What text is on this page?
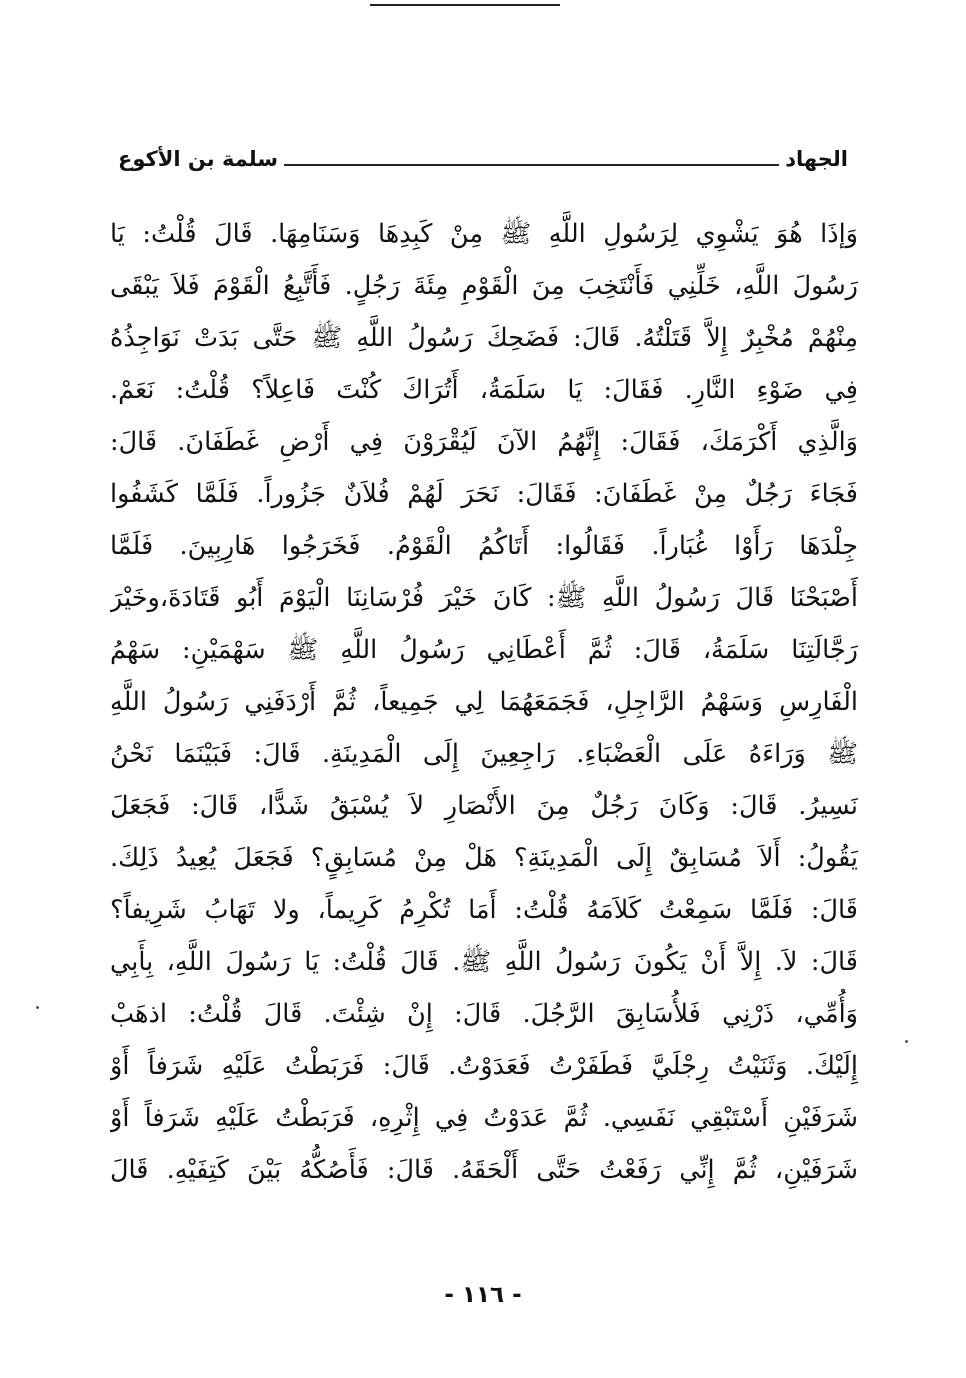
الجهاد
سلمة بن الأكوع
وَإذَا هُوَ يَشْوِي لِرَسُولِ اللَّهِ ﷺ مِنْ كَبِدِهَا وَسَنَامِهَا. قَالَ قُلْتُ: يَا
رَسُولَ اللَّهِ، خَلِّنِي فَأَنْتَخِبَ مِنَ الْقَوْمِ مِئَةَ رَجُلٍ. فَأَتَّبِعُ الْقَوْمَ فَلاَ يَبْقَى
مِنْهُمْ مُخْبِرٌ إِلاَّ قَتَلْتُهُ. قَالَ: فَضَحِكَ رَسُولُ اللَّهِ ﷺ حَتَّى بَدَتْ نَوَاجِذُهُ
فِي ضَوْءِ النَّارِ. فَقَالَ: يَا سَلَمَةُ، أَتُرَاكَ كُنْتَ فَاعِلاً؟ قُلْتُ: نَعَمْ.
وَالَّذِي أَكْرَمَكَ، فَقَالَ: إِنَّهُمُ الآنَ لَيُقْرَوْنَ فِي أَرْضِ غَطَفَانَ. قَالَ:
فَجَاءَ رَجُلٌ مِنْ غَطَفَانَ: فَقَالَ: نَحَرَ لَهُمْ فُلاَنٌ جَزُوراً. فَلَمَّا كَشَفُوا
جِلْدَهَا رَأَوْا غُبَاراً. فَقَالُوا: أَتَاكُمُ الْقَوْمُ. فَخَرَجُوا هَارِبِينَ. فَلَمَّا
أَصْبَحْنَا قَالَ رَسُولُ اللَّهِ ﷺ: كَانَ خَيْرَ فُرْسَانِنَا الْيَوْمَ أَبُو قَتَادَةَ،وخَيْرَ
رَجَّالَتِنَا سَلَمَةُ، قَالَ: ثُمَّ أَعْطَانِي رَسُولُ اللَّهِ ﷺ سَهْمَيْنِ: سَهْمُ
الْفَارِسِ وَسَهْمُ الرَّاجِلِ، فَجَمَعَهُمَا لِي جَمِيعاً، ثُمَّ أَرْدَفَنِي رَسُولُ اللَّهِ
ﷺ وَرَاءَهُ عَلَى الْعَضْبَاءِ. رَاجِعِينَ إِلَى الْمَدِينَةِ. قَالَ: فَبَيْنَمَا نَحْنُ
نَسِيرُ. قَالَ: وَكَانَ رَجُلٌ مِنَ الأَنْصَارِ لاَ يُسْبَقُ شَدًّا، قَالَ: فَجَعَلَ
يَقُولُ: أَلاَ مُسَابِقٌ إِلَى الْمَدِينَةِ؟ هَلْ مِنْ مُسَابِقٍ؟ فَجَعَلَ يُعِيدُ ذَلِكَ.
قَالَ: فَلَمَّا سَمِعْتُ كَلاَمَهُ قُلْتُ: أَمَا تُكْرِمُ كَرِيماً، ولا تَهَابُ شَرِيفاً؟
قَالَ: لاَ. إِلاَّ أَنْ يَكُونَ رَسُولُ اللَّهِ ﷺ. قَالَ قُلْتُ: يَا رَسُولَ اللَّهِ، بِأَبِي
وَأُمِّي، ذَرْنِي فَلأُسَابِقَ الرَّجُلَ. قَالَ: إِنْ شِئْتَ. قَالَ قُلْتُ: اذهَبْ
إِلَيْكَ. وَثَنَيْتُ رِجْلَيَّ فَطَفَرْتُ فَعَدَوْتُ. قَالَ: فَرَبَطْتُ عَلَيْهِ شَرَفاً أَوْ
شَرَفَيْنِ أَسْتَبْقِي نَفَسِي. ثُمَّ عَدَوْتُ فِي إِثْرِهِ، فَرَبَطْتُ عَلَيْهِ شَرَفاً أَوْ
شَرَفَيْنِ، ثُمَّ إِنِّي رَفَعْتُ حَتَّى أَلْحَقَهُ. قَالَ: فَأَصُكُّهُ بَيْنَ كَتِفَيْهِ. قَالَ
- ١١٦ -
